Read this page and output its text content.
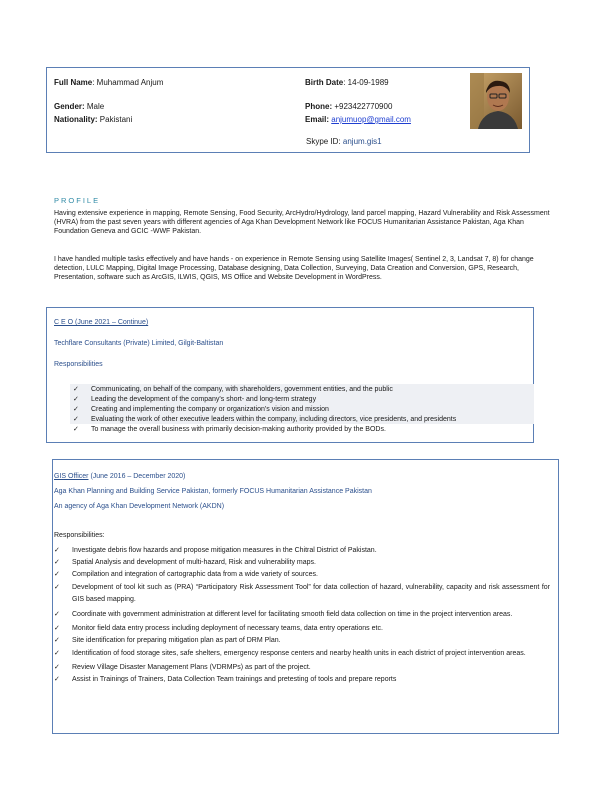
Full Name: Muhammad Anjum	Birth Date: 14-09-1989
Gender: Male	Phone: +923422770900
Nationality: Pakistani	Email: anjumuop@gmail.com
Skype ID: anjum.gis1
PROFILE
Having extensive experience in mapping, Remote Sensing, Food Security, ArcHydro/Hydrology, land parcel mapping, Hazard Vulnerability and Risk Assessment (HVRA) from the past seven years with different agencies of Aga Khan Development Network like FOCUS Humanitarian Assistance Pakistan, Aga Khan Foundation Geneva and GCIC -WWF Pakistan.
I have handled multiple tasks effectively and have hands - on experience in Remote Sensing using Satellite Images( Sentinel 2, 3, Landsat 7, 8) for change detection, LULC Mapping, Digital Image Processing, Database designing, Data Collection, Surveying, Data Creation and Conversion, GPS, Research, Presentation, software such as ArcGIS, ILWIS, QGIS, MS Office and Website Development in WordPress.
C E O (June 2021 – Continue)
Techflare Consultants (Private) Limited, Gilgit-Baltistan
Responsibilities
✓ Communicating, on behalf of the company, with shareholders, government entities, and the public
✓ Leading the development of the company's short- and long-term strategy
✓ Creating and implementing the company or organization's vision and mission
✓ Evaluating the work of other executive leaders within the company, including directors, vice presidents, and presidents
✓ To manage the overall business with primarily decision-making authority provided by the BODs.
GIS Officer (June 2016 – December 2020)
Aga Khan Planning and Building Service Pakistan, formerly FOCUS Humanitarian Assistance Pakistan
An agency of Aga Khan Development Network (AKDN)
Responsibilities:
✓ Investigate debris flow hazards and propose mitigation measures in the Chitral District of Pakistan.
✓ Spatial Analysis and development of multi-hazard, Risk and vulnerability maps.
✓ Compilation and integration of cartographic data from a wide variety of sources.
✓ Development of tool kit such as (PRA) “Participatory Risk Assessment Tool” for data collection of hazard, vulnerability, capacity and risk assessment for GIS based mapping.
✓ Coordinate with government administration at different level for facilitating smooth field data collection on time in the project intervention areas.
✓ Monitor field data entry process including deployment of necessary teams, data entry operations etc.
✓ Site identification for preparing mitigation plan as part of DRM Plan.
✓ Identification of food storage sites, safe shelters, emergency response centers and nearby health units in each district of project intervention areas.
✓ Review Village Disaster Management Plans (VDRMPs) as part of the project.
✓ Assist in Trainings of Trainers, Data Collection Team trainings and pretesting of tools and prepare reports
